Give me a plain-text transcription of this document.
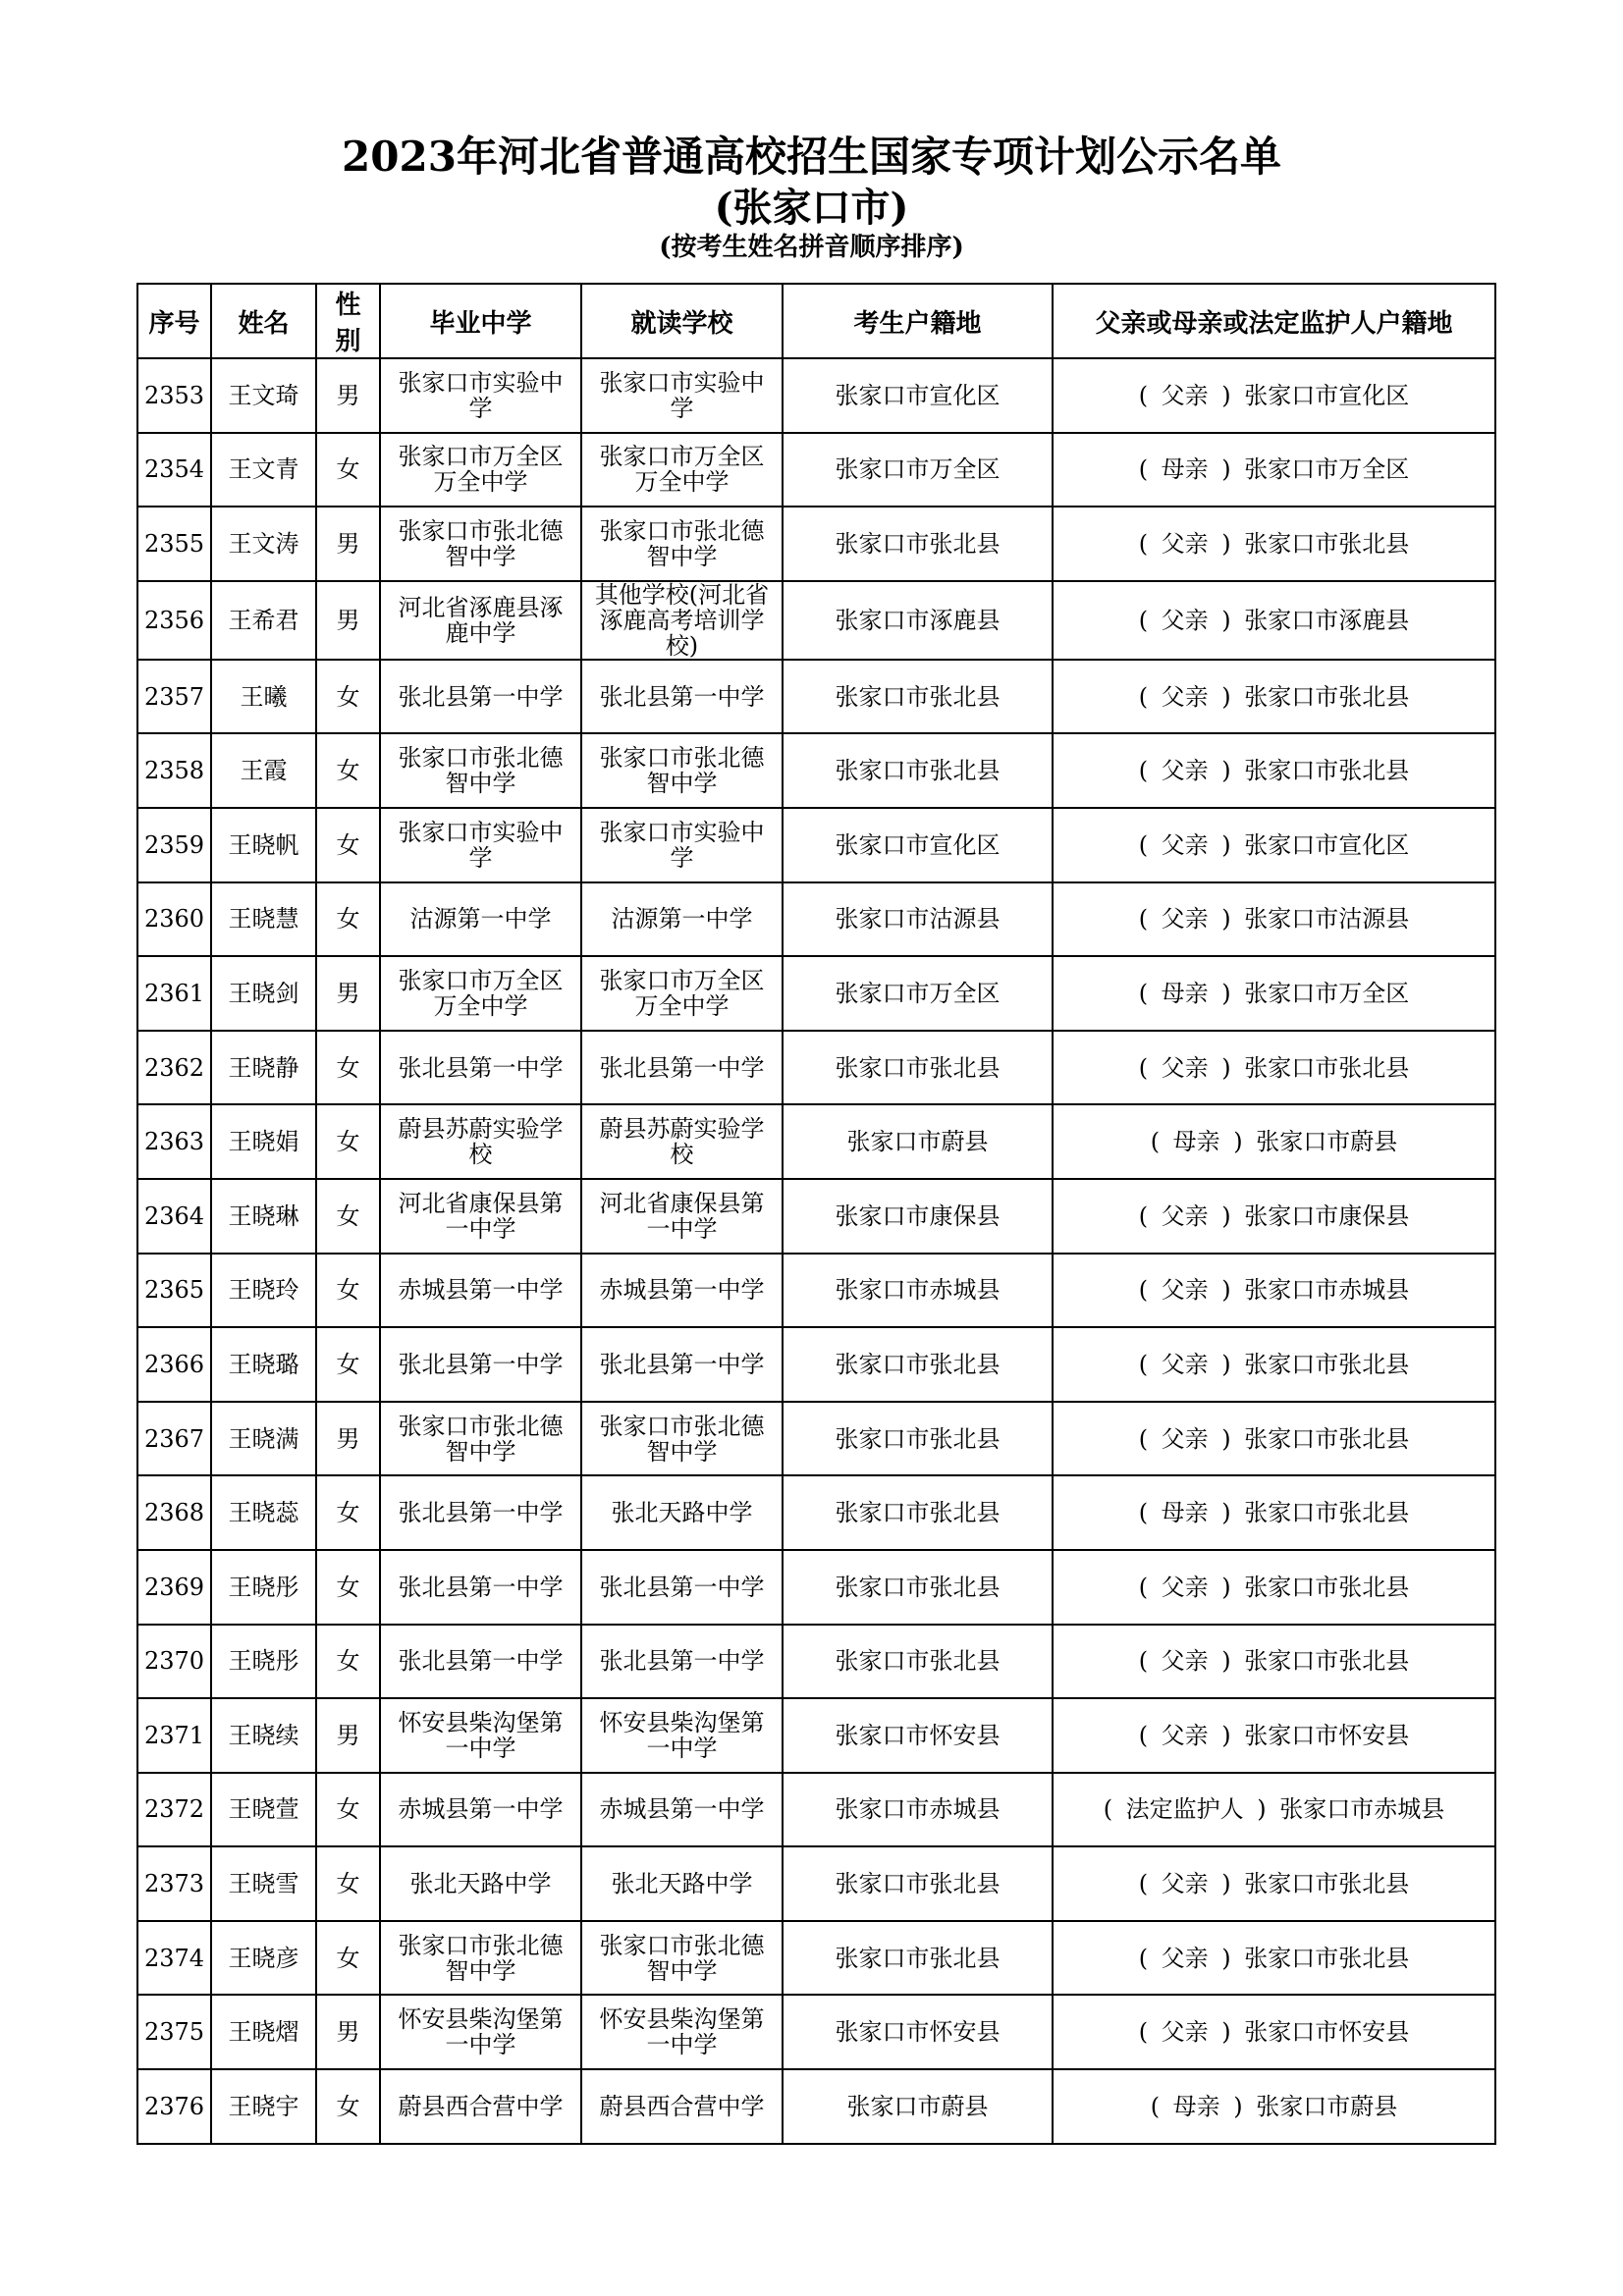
2023年河北省普通高校招生国家专项计划公示名单
(张家口市)
(按考生姓名拼音顺序排序)
序号	姓名	性别	毕业中学	就读学校	考生户籍地	父亲或母亲或法定监护人户籍地
2353	王文琦	男	张家口市实验中学	张家口市实验中学	张家口市宣化区	( 父亲 ) 张家口市宣化区
2354	王文青	女	张家口市万全区万全中学	张家口市万全区万全中学	张家口市万全区	( 母亲 ) 张家口市万全区
2355	王文涛	男	张家口市张北德智中学	张家口市张北德智中学	张家口市张北县	( 父亲 ) 张家口市张北县
2356	王希君	男	河北省涿鹿县涿鹿中学	其他学校(河北省涿鹿高考培训学校)	张家口市涿鹿县	( 父亲 ) 张家口市涿鹿县
2357	王曦	女	张北县第一中学	张北县第一中学	张家口市张北县	( 父亲 ) 张家口市张北县
2358	王霞	女	张家口市张北德智中学	张家口市张北德智中学	张家口市张北县	( 父亲 ) 张家口市张北县
2359	王晓帆	女	张家口市实验中学	张家口市实验中学	张家口市宣化区	( 父亲 ) 张家口市宣化区
2360	王晓慧	女	沽源第一中学	沽源第一中学	张家口市沽源县	( 父亲 ) 张家口市沽源县
2361	王晓剑	男	张家口市万全区万全中学	张家口市万全区万全中学	张家口市万全区	( 母亲 ) 张家口市万全区
2362	王晓静	女	张北县第一中学	张北县第一中学	张家口市张北县	( 父亲 ) 张家口市张北县
2363	王晓娟	女	蔚县苏蔚实验学校	蔚县苏蔚实验学校	张家口市蔚县	( 母亲 ) 张家口市蔚县
2364	王晓琳	女	河北省康保县第一中学	河北省康保县第一中学	张家口市康保县	( 父亲 ) 张家口市康保县
2365	王晓玲	女	赤城县第一中学	赤城县第一中学	张家口市赤城县	( 父亲 ) 张家口市赤城县
2366	王晓璐	女	张北县第一中学	张北县第一中学	张家口市张北县	( 父亲 ) 张家口市张北县
2367	王晓满	男	张家口市张北德智中学	张家口市张北德智中学	张家口市张北县	( 父亲 ) 张家口市张北县
2368	王晓蕊	女	张北县第一中学	张北天路中学	张家口市张北县	( 母亲 ) 张家口市张北县
2369	王晓彤	女	张北县第一中学	张北县第一中学	张家口市张北县	( 父亲 ) 张家口市张北县
2370	王晓彤	女	张北县第一中学	张北县第一中学	张家口市张北县	( 父亲 ) 张家口市张北县
2371	王晓续	男	怀安县柴沟堡第一中学	怀安县柴沟堡第一中学	张家口市怀安县	( 父亲 ) 张家口市怀安县
2372	王晓萱	女	赤城县第一中学	赤城县第一中学	张家口市赤城县	( 法定监护人 ) 张家口市赤城县
2373	王晓雪	女	张北天路中学	张北天路中学	张家口市张北县	( 父亲 ) 张家口市张北县
2374	王晓彦	女	张家口市张北德智中学	张家口市张北德智中学	张家口市张北县	( 父亲 ) 张家口市张北县
2375	王晓熠	男	怀安县柴沟堡第一中学	怀安县柴沟堡第一中学	张家口市怀安县	( 父亲 ) 张家口市怀安县
2376	王晓宇	女	蔚县西合营中学	蔚县西合营中学	张家口市蔚县	( 母亲 ) 张家口市蔚县
